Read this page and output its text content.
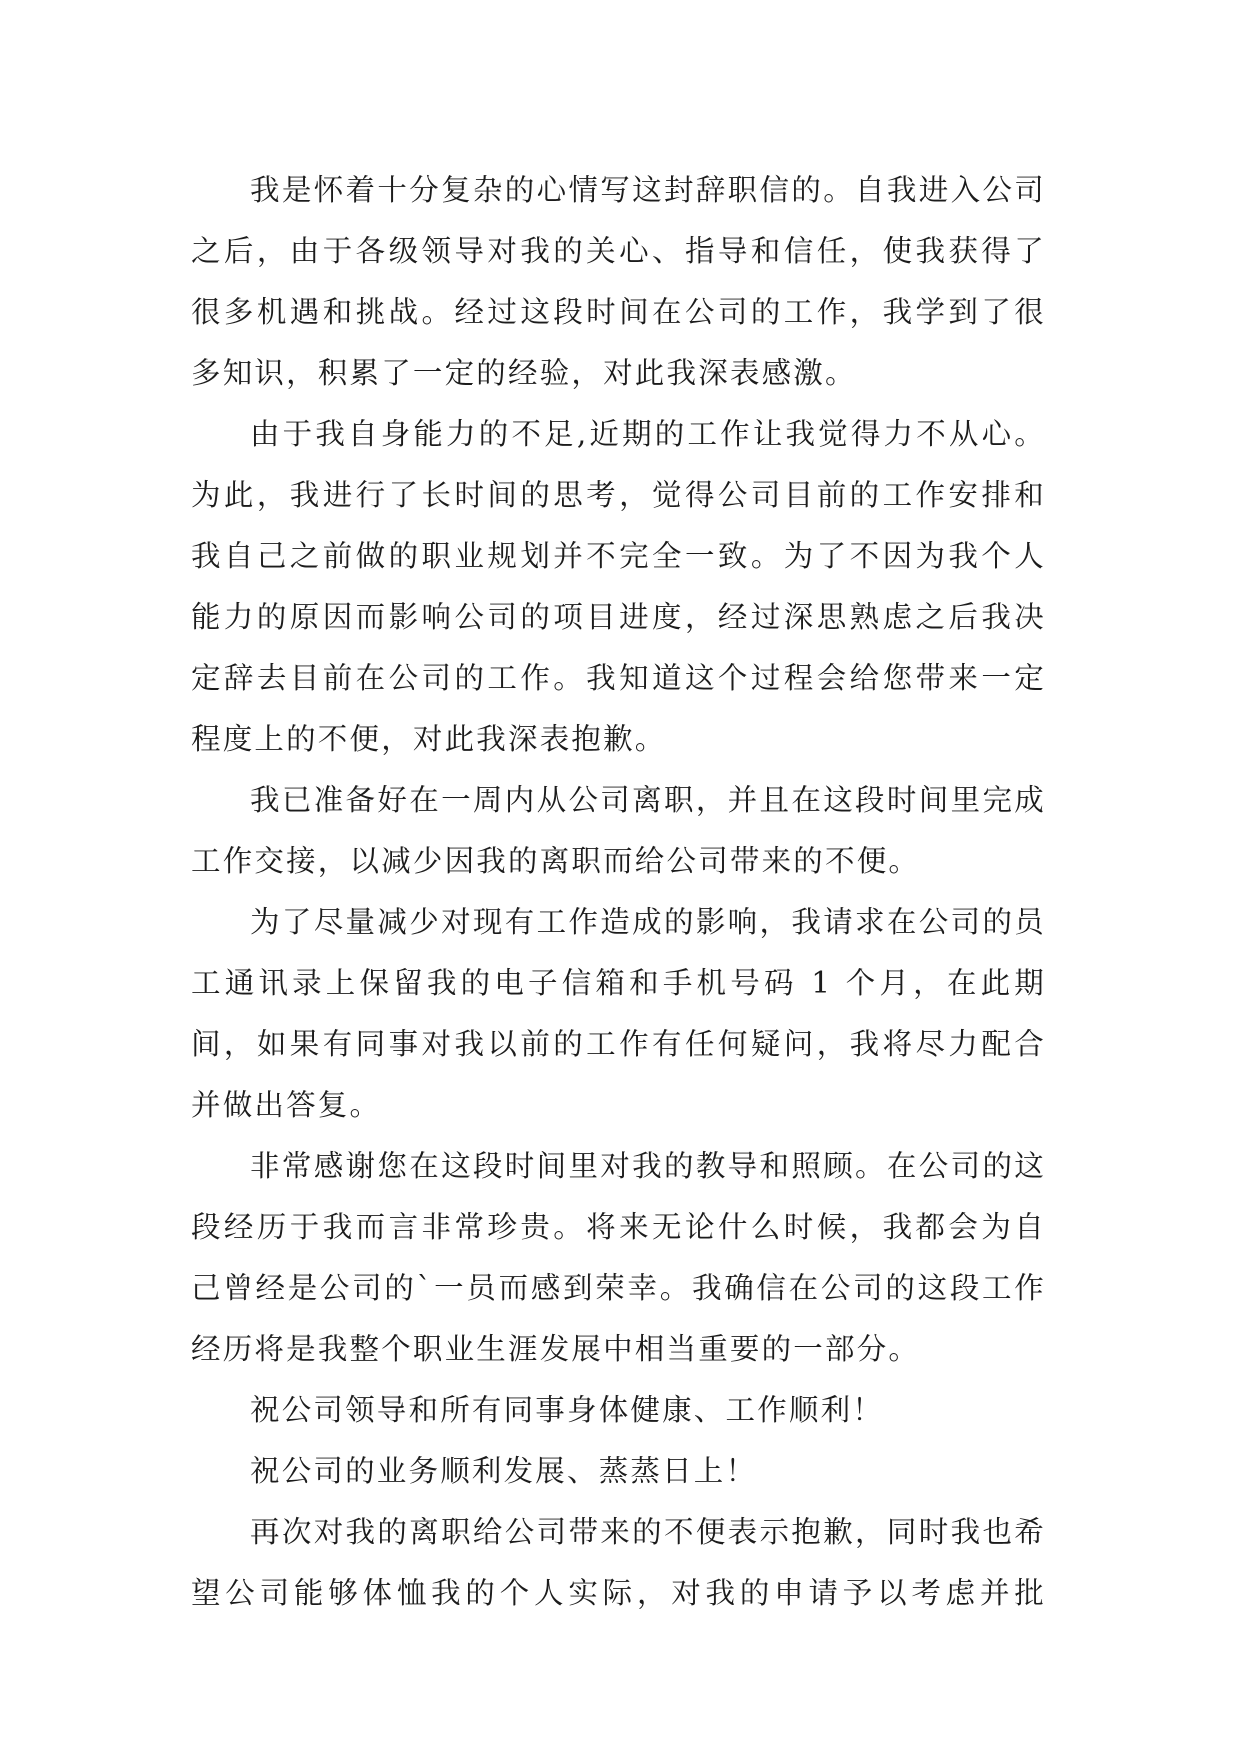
我是怀着十分复杂的心情写这封辞职信的。自我进入公司之后，由于各级领导对我的关心、指导和信任，使我获得了很多机遇和挑战。经过这段时间在公司的工作，我学到了很多知识，积累了一定的经验，对此我深表感激。

由于我自身能力的不足,近期的工作让我觉得力不从心。为此，我进行了长时间的思考，觉得公司目前的工作安排和我自己之前做的职业规划并不完全一致。为了不因为我个人能力的原因而影响公司的项目进度，经过深思熟虑之后我决定辞去目前在公司的工作。我知道这个过程会给您带来一定程度上的不便，对此我深表抱歉。

我已准备好在一周内从公司离职，并且在这段时间里完成工作交接，以减少因我的离职而给公司带来的不便。

为了尽量减少对现有工作造成的影响，我请求在公司的员工通讯录上保留我的电子信箱和手机号码 1 个月，在此期间，如果有同事对我以前的工作有任何疑问，我将尽力配合并做出答复。

非常感谢您在这段时间里对我的教导和照顾。在公司的这段经历于我而言非常珍贵。将来无论什么时候，我都会为自己曾经是公司的`一员而感到荣幸。我确信在公司的这段工作经历将是我整个职业生涯发展中相当重要的一部分。

祝公司领导和所有同事身体健康、工作顺利！

祝公司的业务顺利发展、蒸蒸日上！

再次对我的离职给公司带来的不便表示抱歉，同时我也希望公司能够体恤我的个人实际，对我的申请予以考虑并批
